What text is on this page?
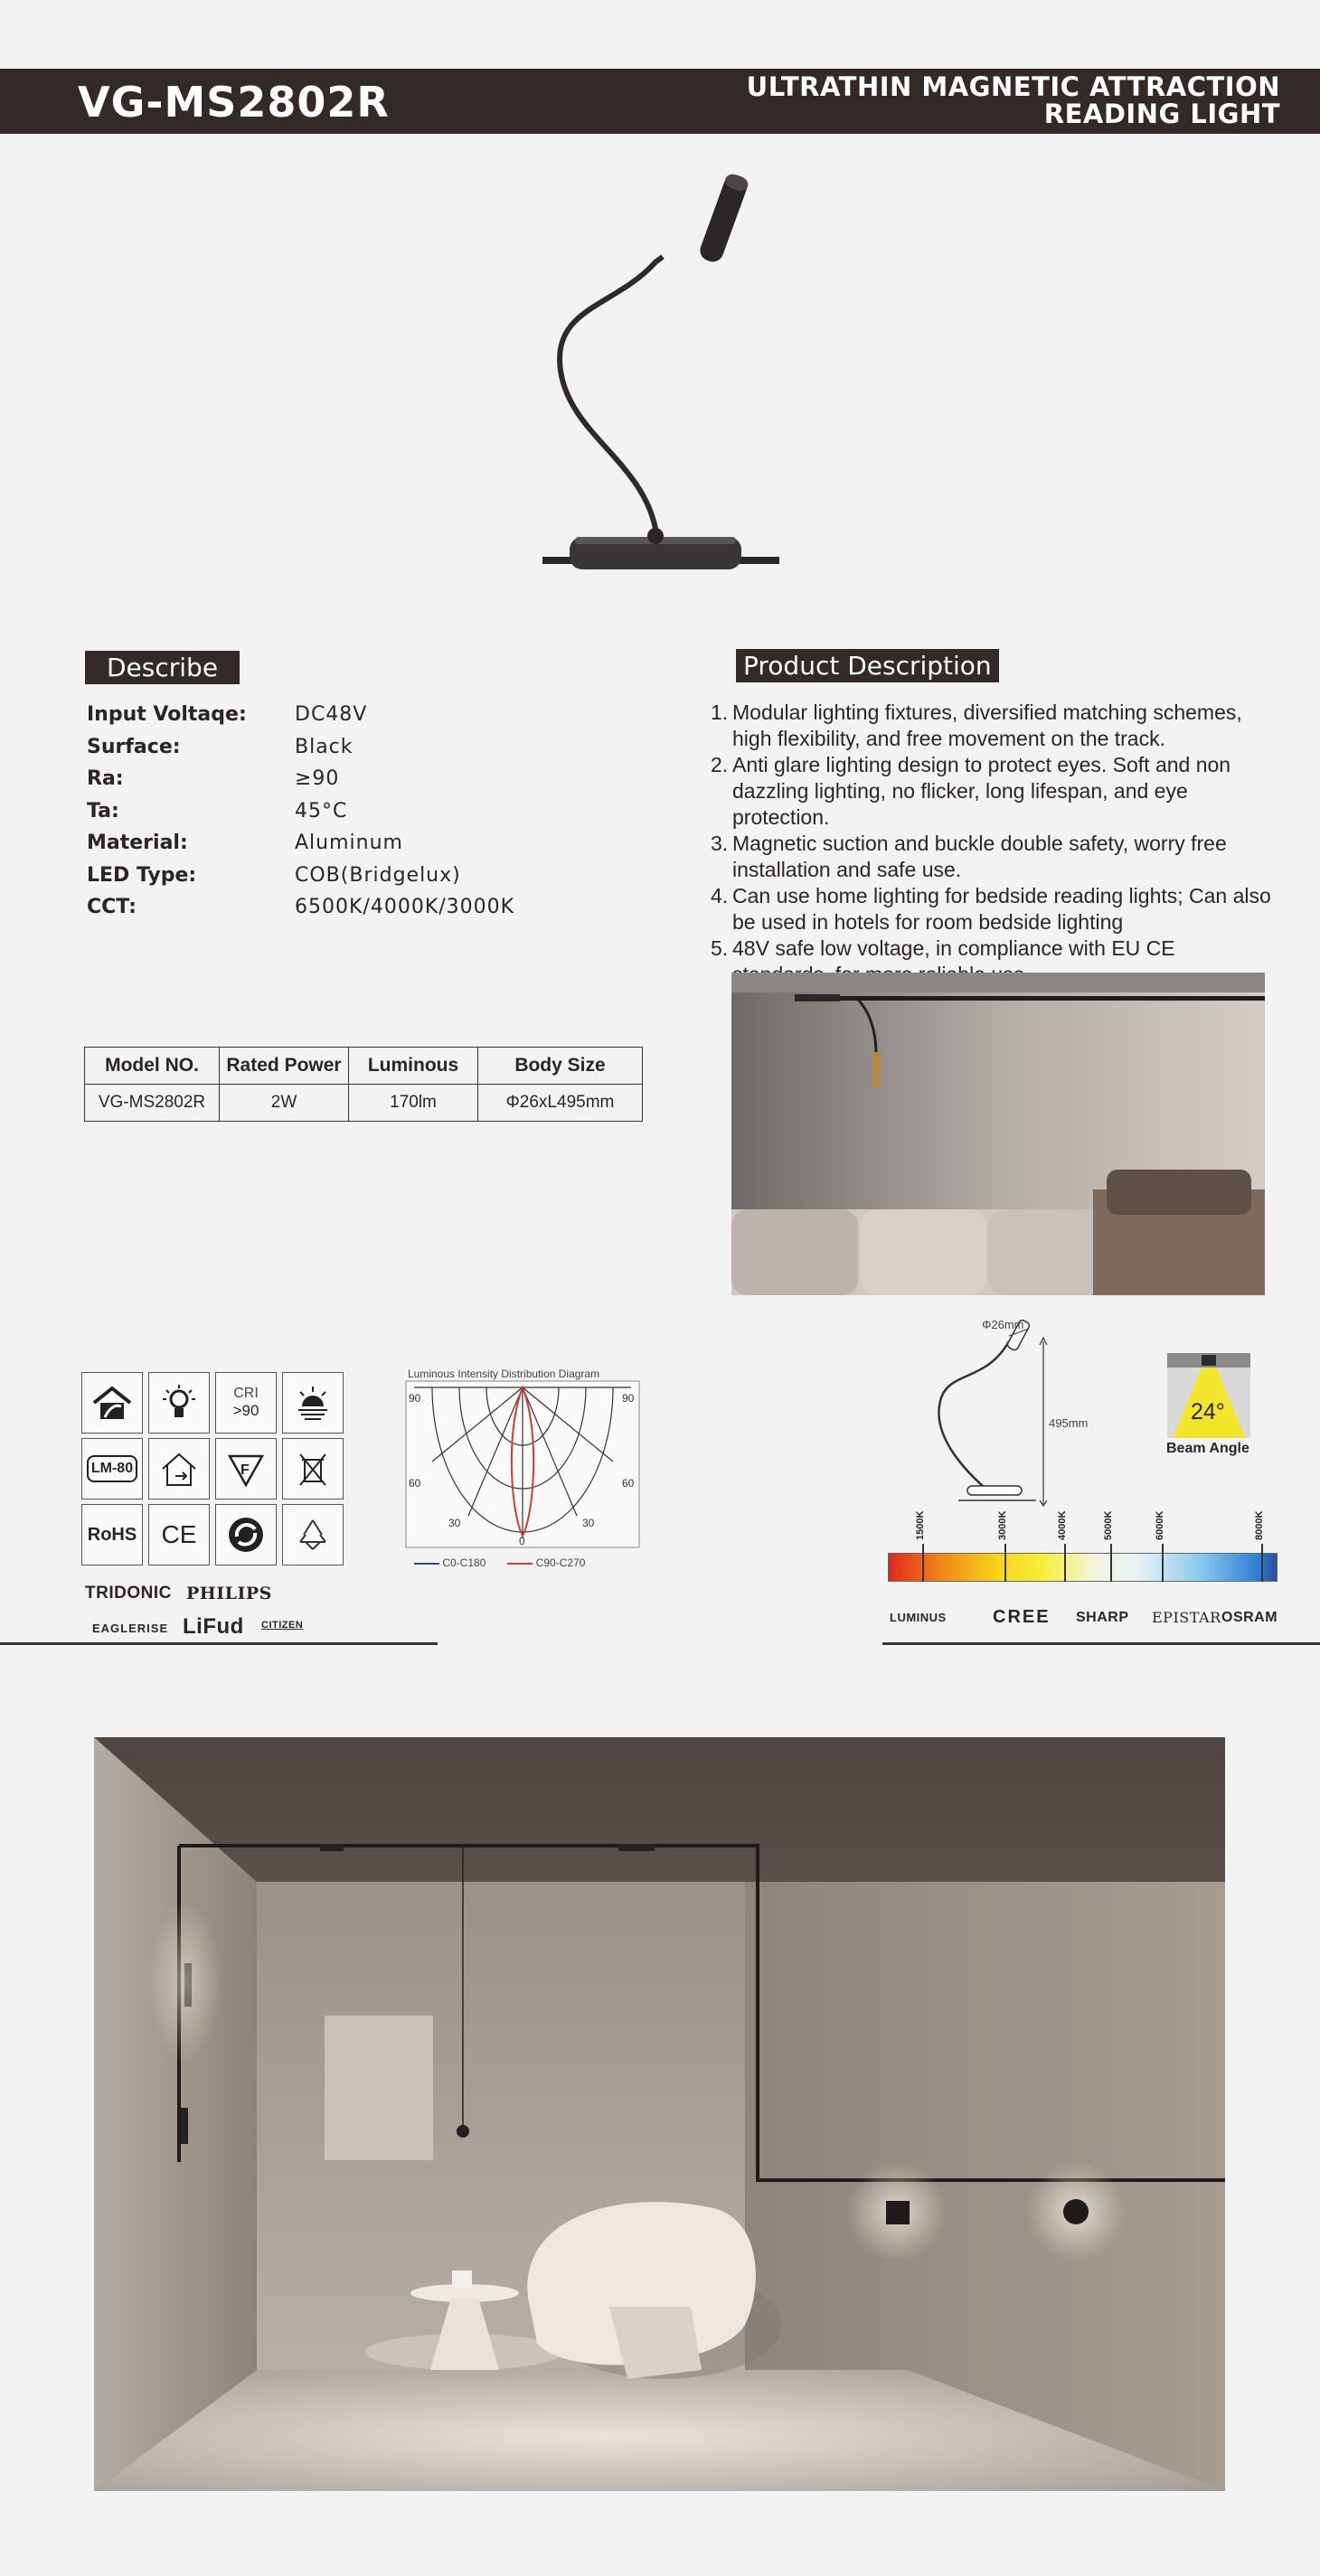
VG-MS2802R	ULTRATHIN MAGNETIC ATTRACTION
READING LIGHT
Describe
Input Voltaqe: DC48V
Surface:	Black
Ra:	≥90
Ta:	45°C
Material:	Aluminum
LED Type:	COB(Bridgelux)
CCT:	6500K/4000K/3000K
Product Description
1. Modular lighting fixtures, diversified matching schemes, high flexibility, and free movement on the track.
2. Anti glare lighting design to protect eyes. Soft and non dazzling lighting, no flicker, long lifespan, and eye protection.
3. Magnetic suction and buckle double safety, worry free installation and safe use.
4. Can use home lighting for bedside reading lights; Can also be used in hotels for room bedside lighting
5. 48V safe low voltage, in compliance with EU CE
Model NO.	Rated Power	Luminous	Body Size
VG-MS2802R	2W	170lm	Φ26xL495mm
CRI
>90
LM-80	F
RoHS CE
TRIDONIC PHILIPS
EAGLERISE LiFud CITIZEN
Luminous Intensity Distribution Diagram
90	90
60	60
30	30
0
C0-C180	C90-C270
Φ26mm
495mm	24°
Beam Angle
1500K	3000K	4000K	5000K	6000K	8000K
LUMINUS	CREE SHARP EPISTAR OSRAM
